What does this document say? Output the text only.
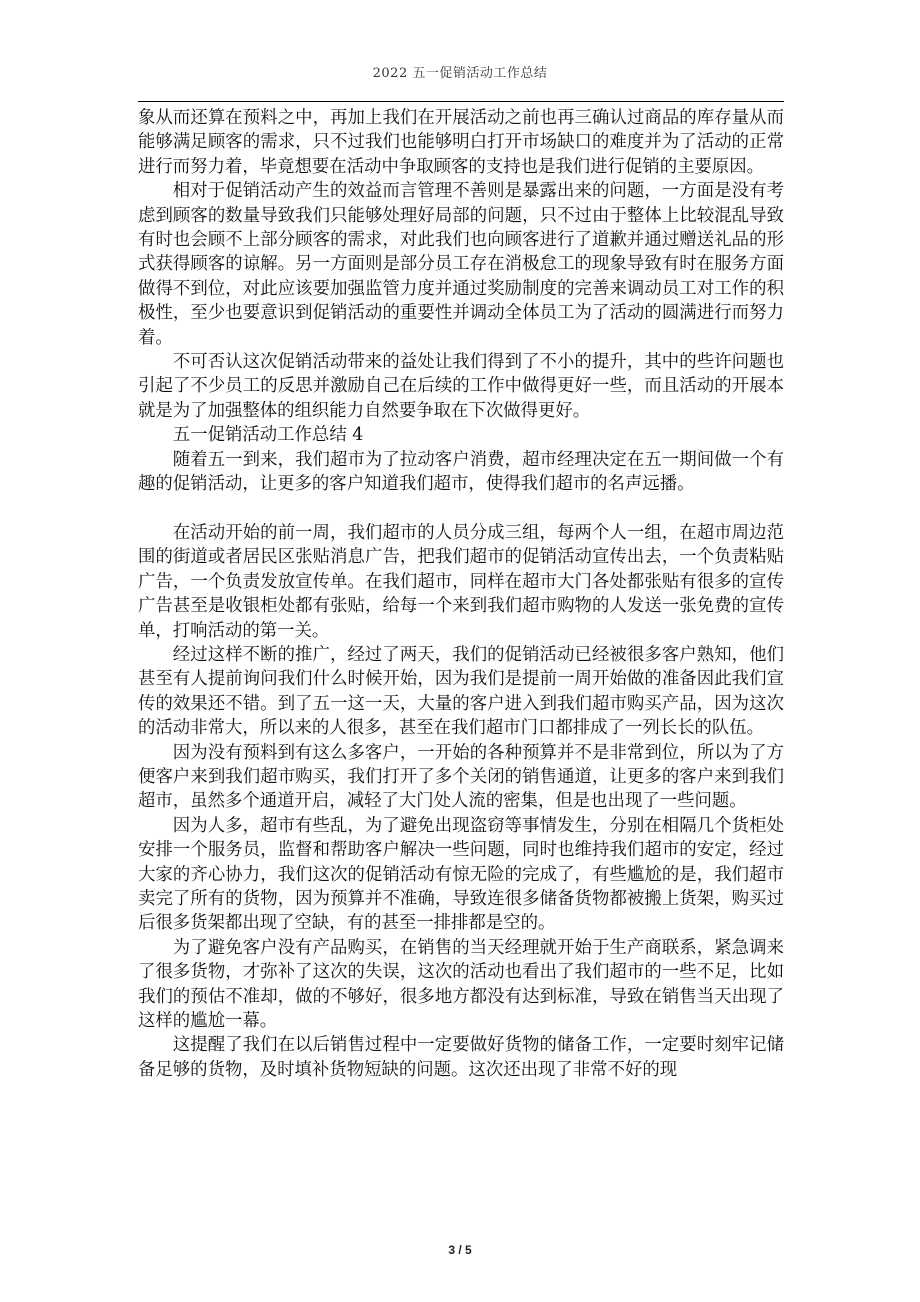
2022 五一促销活动工作总结

象从而还算在预料之中，再加上我们在开展活动之前也再三确认过商品的库存量从而能够满足顾客的需求，只不过我们也能够明白打开市场缺口的难度并为了活动的正常进行而努力着，毕竟想要在活动中争取顾客的支持也是我们进行促销的主要原因。

相对于促销活动产生的效益而言管理不善则是暴露出来的问题，一方面是没有考虑到顾客的数量导致我们只能够处理好局部的问题，只不过由于整体上比较混乱导致有时也会顾不上部分顾客的需求，对此我们也向顾客进行了道歉并通过赠送礼品的形式获得顾客的谅解。另一方面则是部分员工存在消极怠工的现象导致有时在服务方面做得不到位，对此应该要加强监管力度并通过奖励制度的完善来调动员工对工作的积极性，至少也要意识到促销活动的重要性并调动全体员工为了活动的圆满进行而努力着。

不可否认这次促销活动带来的益处让我们得到了不小的提升，其中的些许问题也引起了不少员工的反思并激励自己在后续的工作中做得更好一些，而且活动的开展本就是为了加强整体的组织能力自然要争取在下次做得更好。

五一促销活动工作总结 4

随着五一到来，我们超市为了拉动客户消费，超市经理决定在五一期间做一个有趣的促销活动，让更多的客户知道我们超市，使得我们超市的名声远播。

在活动开始的前一周，我们超市的人员分成三组，每两个人一组，在超市周边范围的街道或者居民区张贴消息广告，把我们超市的促销活动宣传出去，一个负责粘贴广告，一个负责发放宣传单。在我们超市，同样在超市大门各处都张贴有很多的宣传广告甚至是收银柜处都有张贴，给每一个来到我们超市购物的人发送一张免费的宣传单，打响活动的第一关。

经过这样不断的推广，经过了两天，我们的促销活动已经被很多客户熟知，他们甚至有人提前询问我们什么时候开始，因为我们是提前一周开始做的准备因此我们宣传的效果还不错。到了五一这一天，大量的客户进入到我们超市购买产品，因为这次的活动非常大，所以来的人很多，甚至在我们超市门口都排成了一列长长的队伍。

因为没有预料到有这么多客户，一开始的各种预算并不是非常到位，所以为了方便客户来到我们超市购买，我们打开了多个关闭的销售通道，让更多的客户来到我们超市，虽然多个通道开启，减轻了大门处人流的密集，但是也出现了一些问题。

因为人多，超市有些乱，为了避免出现盗窃等事情发生，分别在相隔几个货柜处安排一个服务员，监督和帮助客户解决一些问题，同时也维持我们超市的安定，经过大家的齐心协力，我们这次的促销活动有惊无险的完成了，有些尴尬的是，我们超市卖完了所有的货物，因为预算并不准确，导致连很多储备货物都被搬上货架，购买过后很多货架都出现了空缺，有的甚至一排排都是空的。

为了避免客户没有产品购买，在销售的当天经理就开始于生产商联系，紧急调来了很多货物，才弥补了这次的失误，这次的活动也看出了我们超市的一些不足，比如我们的预估不准却，做的不够好，很多地方都没有达到标准，导致在销售当天出现了这样的尴尬一幕。

这提醒了我们在以后销售过程中一定要做好货物的储备工作，一定要时刻牢记储备足够的货物，及时填补货物短缺的问题。这次还出现了非常不好的现

3 / 5
